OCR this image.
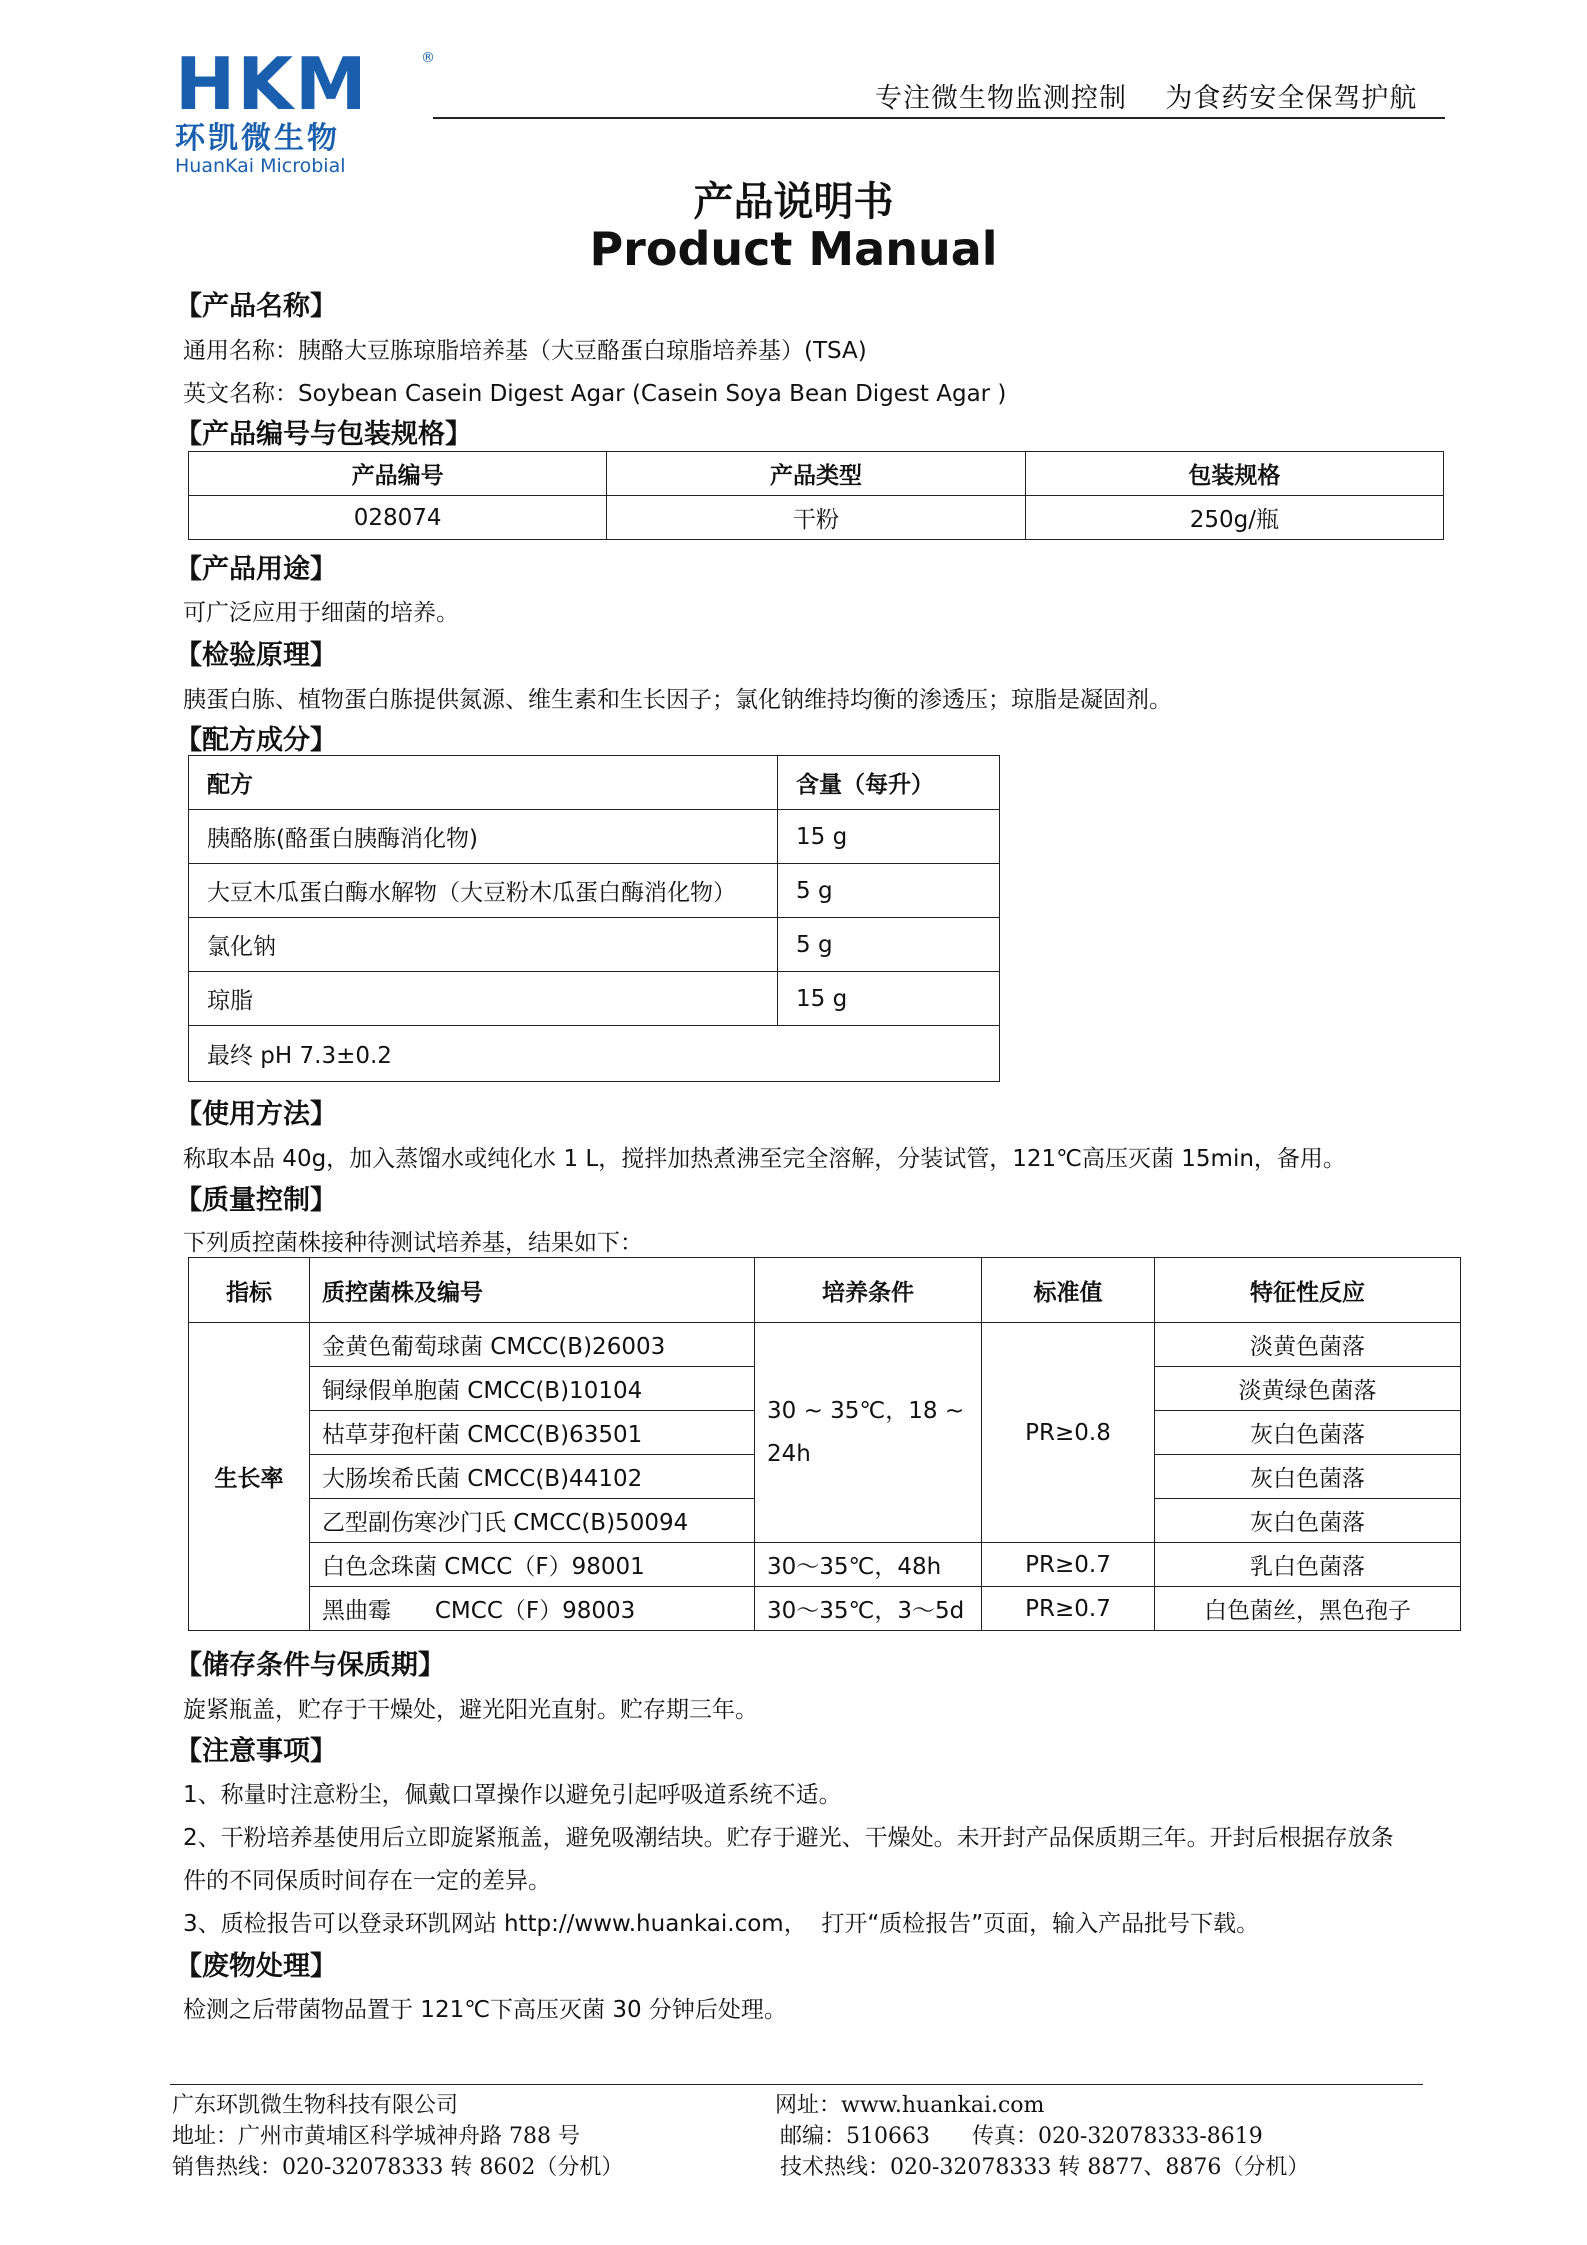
HKM	®
环凯微生物
HuanKai Microbial
专注微生物监测控制    为食药安全保驾护航
产品说明书
Product Manual
【产品名称】
通用名称：胰酪大豆胨琼脂培养基（大豆酪蛋白琼脂培养基）(TSA)
英文名称：Soybean Casein Digest Agar (Casein Soya Bean Digest Agar )
【产品编号与包装规格】
产品编号	产品类型	包装规格
028074	干粉	250g/瓶
【产品用途】
可广泛应用于细菌的培养。
【检验原理】
胰蛋白胨、植物蛋白胨提供氮源、维生素和生长因子；氯化钠维持均衡的渗透压；琼脂是凝固剂。
【配方成分】
配方	含量（每升）
胰酪胨(酪蛋白胰酶消化物)	15 g
大豆木瓜蛋白酶水解物（大豆粉木瓜蛋白酶消化物）	5 g
氯化钠	5 g
琼脂	15 g
最终 pH 7.3±0.2	
【使用方法】
称取本品 40g，加入蒸馏水或纯化水 1 L，搅拌加热煮沸至完全溶解，分装试管，121℃高压灭菌 15min，备用。
【质量控制】
下列质控菌株接种待测试培养基，结果如下：
指标	质控菌株及编号	培养条件	标准值	特征性反应
生长率	金黄色葡萄球菌 CMCC(B)26003	30 ~ 35℃，18 ~ 24h	PR≥0.8	淡黄色菌落
	铜绿假单胞菌 CMCC(B)10104			淡黄绿色菌落
	枯草芽孢杆菌 CMCC(B)63501			灰白色菌落
	大肠埃希氏菌 CMCC(B)44102			灰白色菌落
	乙型副伤寒沙门氏 CMCC(B)50094			灰白色菌落
	白色念珠菌 CMCC（F）98001	30～35℃，48h	PR≥0.7	乳白色菌落
	黑曲霉      CMCC（F）98003	30～35℃，3～5d	PR≥0.7	白色菌丝，黑色孢子
【储存条件与保质期】
旋紧瓶盖，贮存于干燥处，避光阳光直射。贮存期三年。
【注意事项】
1、称量时注意粉尘，佩戴口罩操作以避免引起呼吸道系统不适。
2、干粉培养基使用后立即旋紧瓶盖，避免吸潮结块。贮存于避光、干燥处。未开封产品保质期三年。开封后根据存放条
件的不同保质时间存在一定的差异。
3、质检报告可以登录环凯网站 http://www.huankai.com，  打开“质检报告”页面，输入产品批号下载。
【废物处理】
检测之后带菌物品置于 121℃下高压灭菌 30 分钟后处理。
广东环凯微生物科技有限公司	网址：www.huankai.com
地址：广州市黄埔区科学城神舟路 788 号	邮编：510663      传真：020-32078333-8619
销售热线：020-32078333 转 8602（分机）	技术热线：020-32078333 转 8877、8876（分机）
